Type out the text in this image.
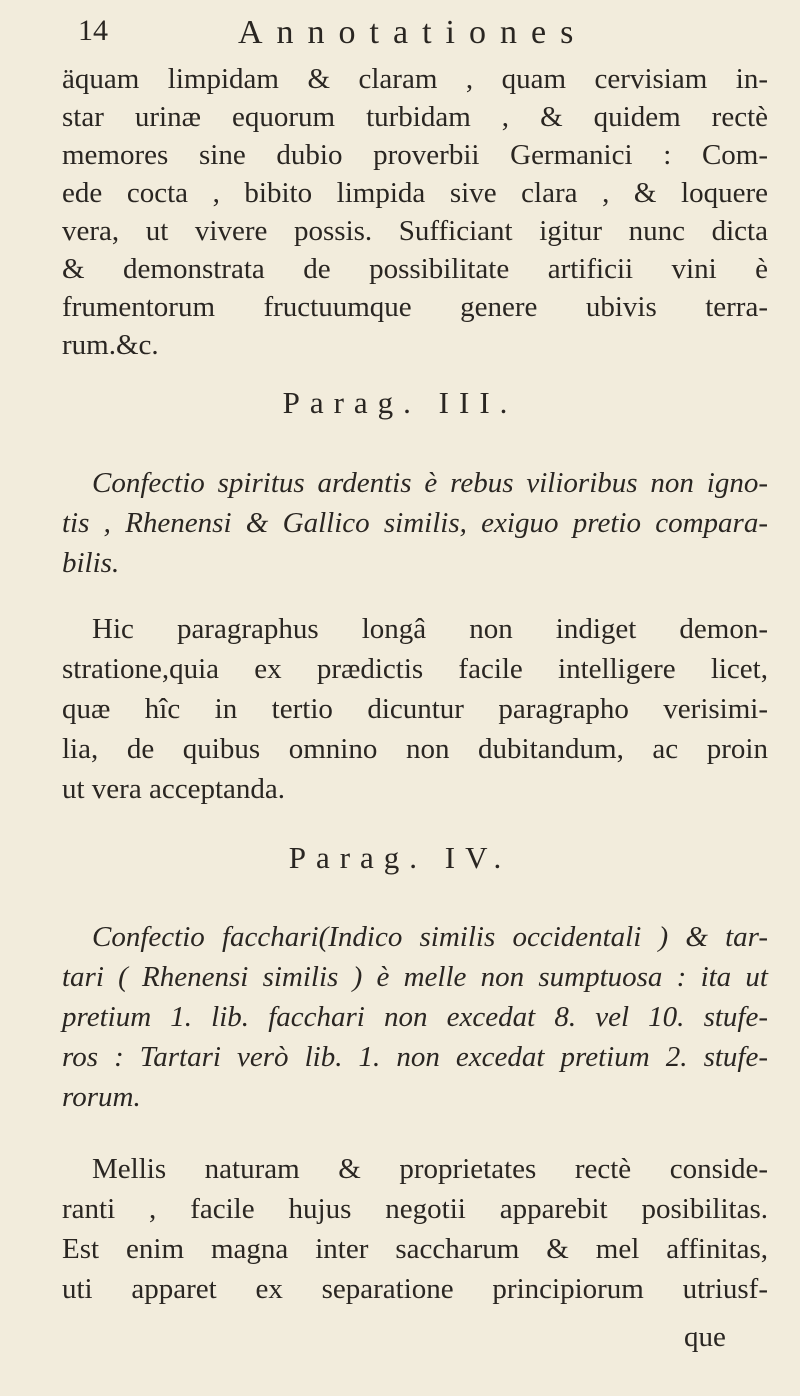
14	Annotationes
äquam limpidam & claram , quam cervisiam in-
star urinæ equorum turbidam , & quidem rectè
memores sine dubio proverbii Germanici : Com-
ede cocta , bibito limpida sive clara , & loquere
vera, ut vivere possis. Sufficiant igitur nunc dicta
& demonstrata de possibilitate artificii vini è
frumentorum fructuumque genere ubivis terra-
rum.&c.
Parag. III.
Confectio spiritus ardentis è rebus vilioribus non igno-
tis , Rhenensi & Gallico similis, exiguo pretio compara-
bilis.
Hic paragraphus longâ non indiget demon-
stratione,quia ex prædictis facile intelligere licet,
quæ hîc in tertio dicuntur paragrapho verisimi-
lia, de quibus omnino non dubitandum, ac proin
ut vera acceptanda.
Parag. IV.
Confectio facchari(Indico similis occidentali ) & tar-
tari ( Rhenensi similis ) è melle non sumptuosa : ita ut
pretium 1. lib. facchari non excedat 8. vel 10. stufe-
ros : Tartari verò lib. 1. non excedat pretium 2. stufe-
rorum.
Mellis naturam & proprietates rectè conside-
ranti , facile hujus negotii apparebit posibilitas.
Est enim magna inter saccharum & mel affinitas,
uti apparet ex separatione principiorum utriusf-
que
